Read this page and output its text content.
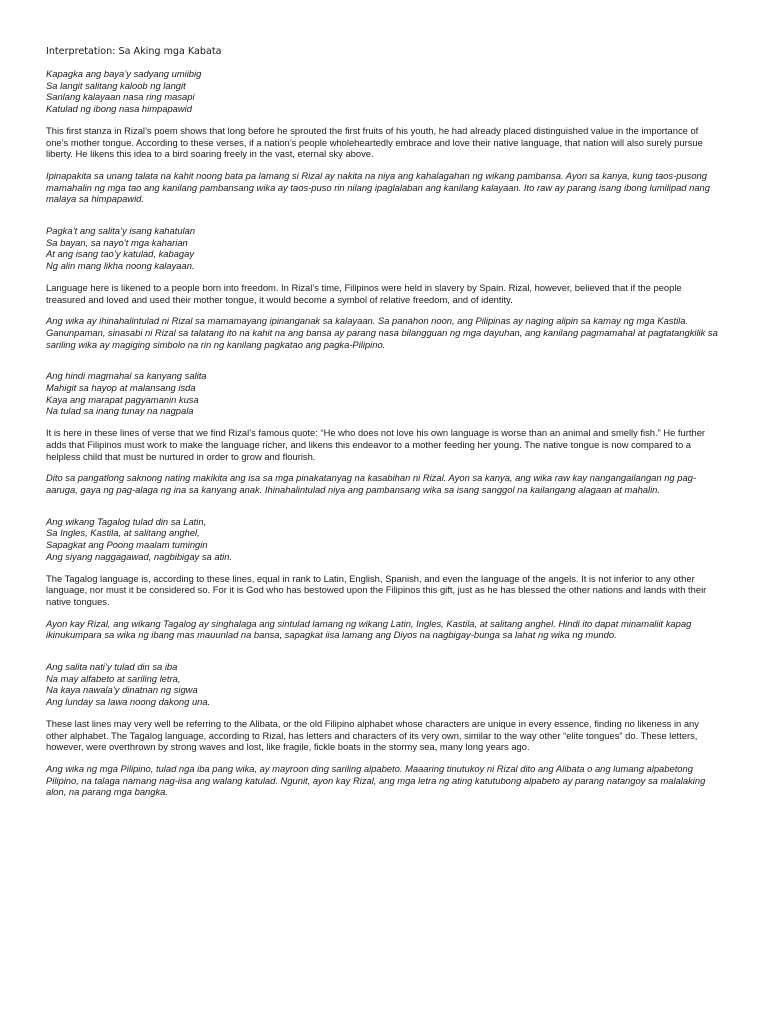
Interpretation: Sa Aking mga Kabata
Kapagka ang baya’y sadyang umiibig
Sa langit salitang kaloob ng langit
Sanlang kalayaan nasa ring masapi
Katulad ng ibong nasa himpapawid

This first stanza in Rizal’s poem shows that long before he sprouted the first fruits of his youth, he had already placed distinguished value in the importance of one’s mother tongue. According to these verses, if a nation’s people wholeheartedly embrace and love their native language, that nation will also surely pursue liberty. He likens this idea to a bird soaring freely in the vast, eternal sky above.

Ipinapakita sa unang talata na kahit noong bata pa lamang si Rizal ay nakita na niya ang kahalagahan ng wikang pambansa. Ayon sa kanya, kung taos-pusong mamahalin ng mga tao ang kanilang pambansang wika ay taos-puso rin nilang ipaglalaban ang kanilang kalayaan. Ito raw ay parang isang ibong lumilipad nang malaya sa himpapawid.

Pagka’t ang salita’y isang kahatulan
Sa bayan, sa nayo’t mga kaharian
At ang isang tao’y katulad, kabagay
Ng alin mang likha noong kalayaan.

Language here is likened to a people born into freedom. In Rizal’s time, Filipinos were held in slavery by Spain. Rizal, however, believed that if the people treasured and loved and used their mother tongue, it would become a symbol of relative freedom, and of identity.

Ang wika ay ihinahalintulad ni Rizal sa mamamayang ipinanganak sa kalayaan. Sa panahon noon, ang Pilipinas ay naging alipin sa kamay ng mga Kastila. Ganunpaman, sinasabi ni Rizal sa talatang ito na kahit na ang bansa ay parang nasa bilangguan ng mga dayuhan, ang kanilang pagmamahal at pagtatangkilik sa sariling wika ay magiging simbolo na rin ng kanilang pagkatao ang pagka-Pilipino.

Ang hindi magmahal sa kanyang salita
Mahigit sa hayop at malansang isda
Kaya ang marapat pagyamanin kusa
Na tulad sa inang tunay na nagpala

It is here in these lines of verse that we find Rizal’s famous quote: “He who does not love his own language is worse than an animal and smelly fish.” He further adds that Filipinos must work to make the language richer, and likens this endeavor to a mother feeding her young. The native tongue is now compared to a helpless child that must be nurtured in order to grow and flourish.

Dito sa pangatlong saknong nating makikita ang isa sa mga pinakatanyag na kasabihan ni Rizal. Ayon sa kanya, ang wika raw kay nangangailangan ng pag-aaruga, gaya ng pag-alaga ng ina sa kanyang anak. Ihinahalintulad niya ang pambansang wika sa isang sanggol na kailangang alagaan at mahalin.

Ang wikang Tagalog tulad din sa Latin,
Sa Ingles, Kastila, at salitang anghel,
Sapagkat ang Poong maalam tumingin
Ang siyang naggagawad, nagbibigay sa atin.

The Tagalog language is, according to these lines, equal in rank to Latin, English, Spanish, and even the language of the angels. It is not inferior to any other language, nor must it be considered so. For it is God who has bestowed upon the Filipinos this gift, just as he has blessed the other nations and lands with their native tongues.

Ayon kay Rizal, ang wikang Tagalog ay singhalaga ang sintulad lamang ng wikang Latin, Ingles, Kastila, at salitang anghel. Hindi ito dapat minamaliit kapag ikinukumpara sa wika ng ibang mas mauunlad na bansa, sapagkat iisa lamang ang Diyos na nagbigay-bunga sa lahat ng wika ng mundo.

Ang salita nati’y tulad din sa iba
Na may alfabeto at sariling letra,
Na kaya nawala’y dinatnan ng sigwa
Ang lunday sa lawa noong dakong una.

These last lines may very well be referring to the Alibata, or the old Filipino alphabet whose characters are unique in every essence, finding no likeness in any other alphabet. The Tagalog language, according to Rizal, has letters and characters of its very own, similar to the way other “elite tongues” do. These letters, however, were overthrown by strong waves and lost, like fragile, fickle boats in the stormy sea, many long years ago.

Ang wika ng mga Pilipino, tulad nga iba pang wika, ay mayroon ding sariling alpabeto. Maaaring tinutukoy ni Rizal dito ang Alibata o ang lumang alpabetong Pilipino, na talaga namang nag-iisa ang walang katulad. Ngunit, ayon kay Rizal, ang mga letra ng ating katutubong alpabeto ay parang natangoy sa malalaking alon, na parang mga bangka.
